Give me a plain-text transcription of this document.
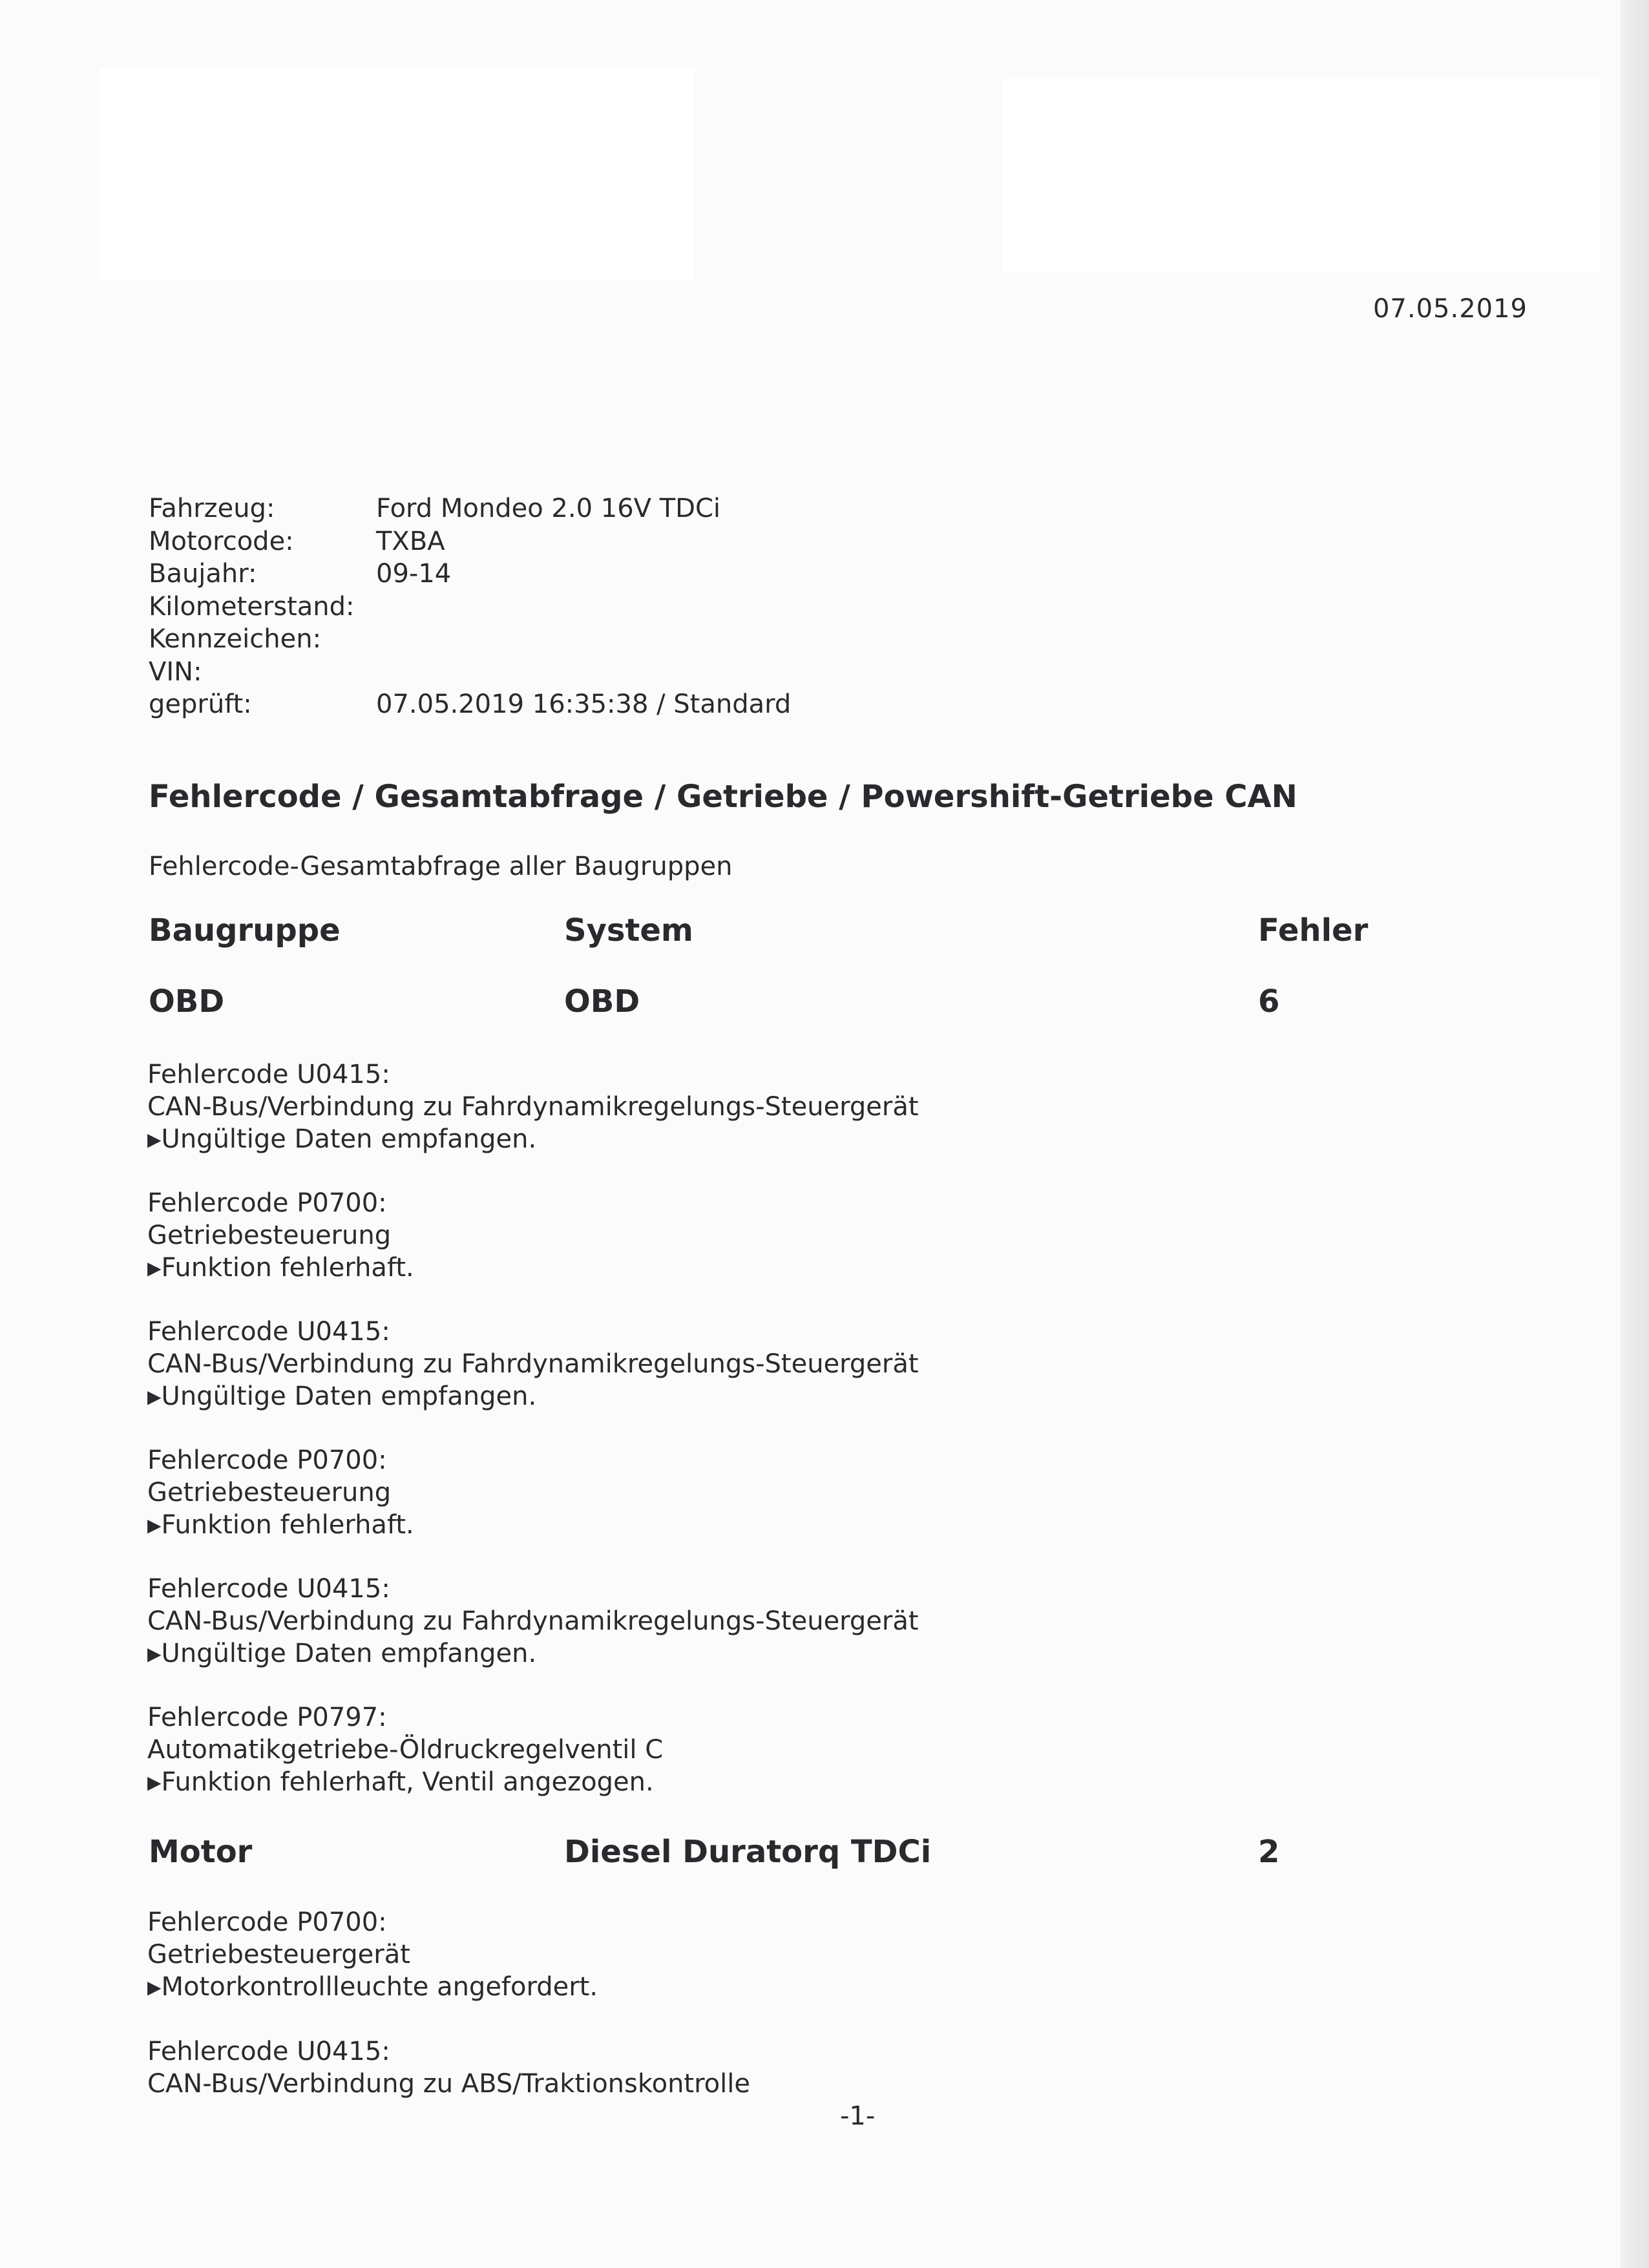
07.05.2019
Fahrzeug:	Ford Mondeo 2.0 16V TDCi
Motorcode:	TXBA
Baujahr:	09-14
Kilometerstand:
Kennzeichen:
VIN:
geprüft:	07.05.2019 16:35:38 / Standard
Fehlercode / Gesamtabfrage / Getriebe / Powershift-Getriebe CAN
Fehlercode-Gesamtabfrage aller Baugruppen
Baugruppe	System	Fehler
OBD	OBD	6
Fehlercode U0415:
CAN-Bus/Verbindung zu Fahrdynamikregelungs-Steuergerät
▶Ungültige Daten empfangen.
Fehlercode P0700:
Getriebesteuerung
▶Funktion fehlerhaft.
Fehlercode U0415:
CAN-Bus/Verbindung zu Fahrdynamikregelungs-Steuergerät
▶Ungültige Daten empfangen.
Fehlercode P0700:
Getriebesteuerung
▶Funktion fehlerhaft.
Fehlercode U0415:
CAN-Bus/Verbindung zu Fahrdynamikregelungs-Steuergerät
▶Ungültige Daten empfangen.
Fehlercode P0797:
Automatikgetriebe-Öldruckregelventil C
▶Funktion fehlerhaft, Ventil angezogen.
Motor	Diesel Duratorq TDCi	2
Fehlercode P0700:
Getriebesteuergerät
▶Motorkontrollleuchte angefordert.
Fehlercode U0415:
CAN-Bus/Verbindung zu ABS/Traktionskontrolle
-1-
